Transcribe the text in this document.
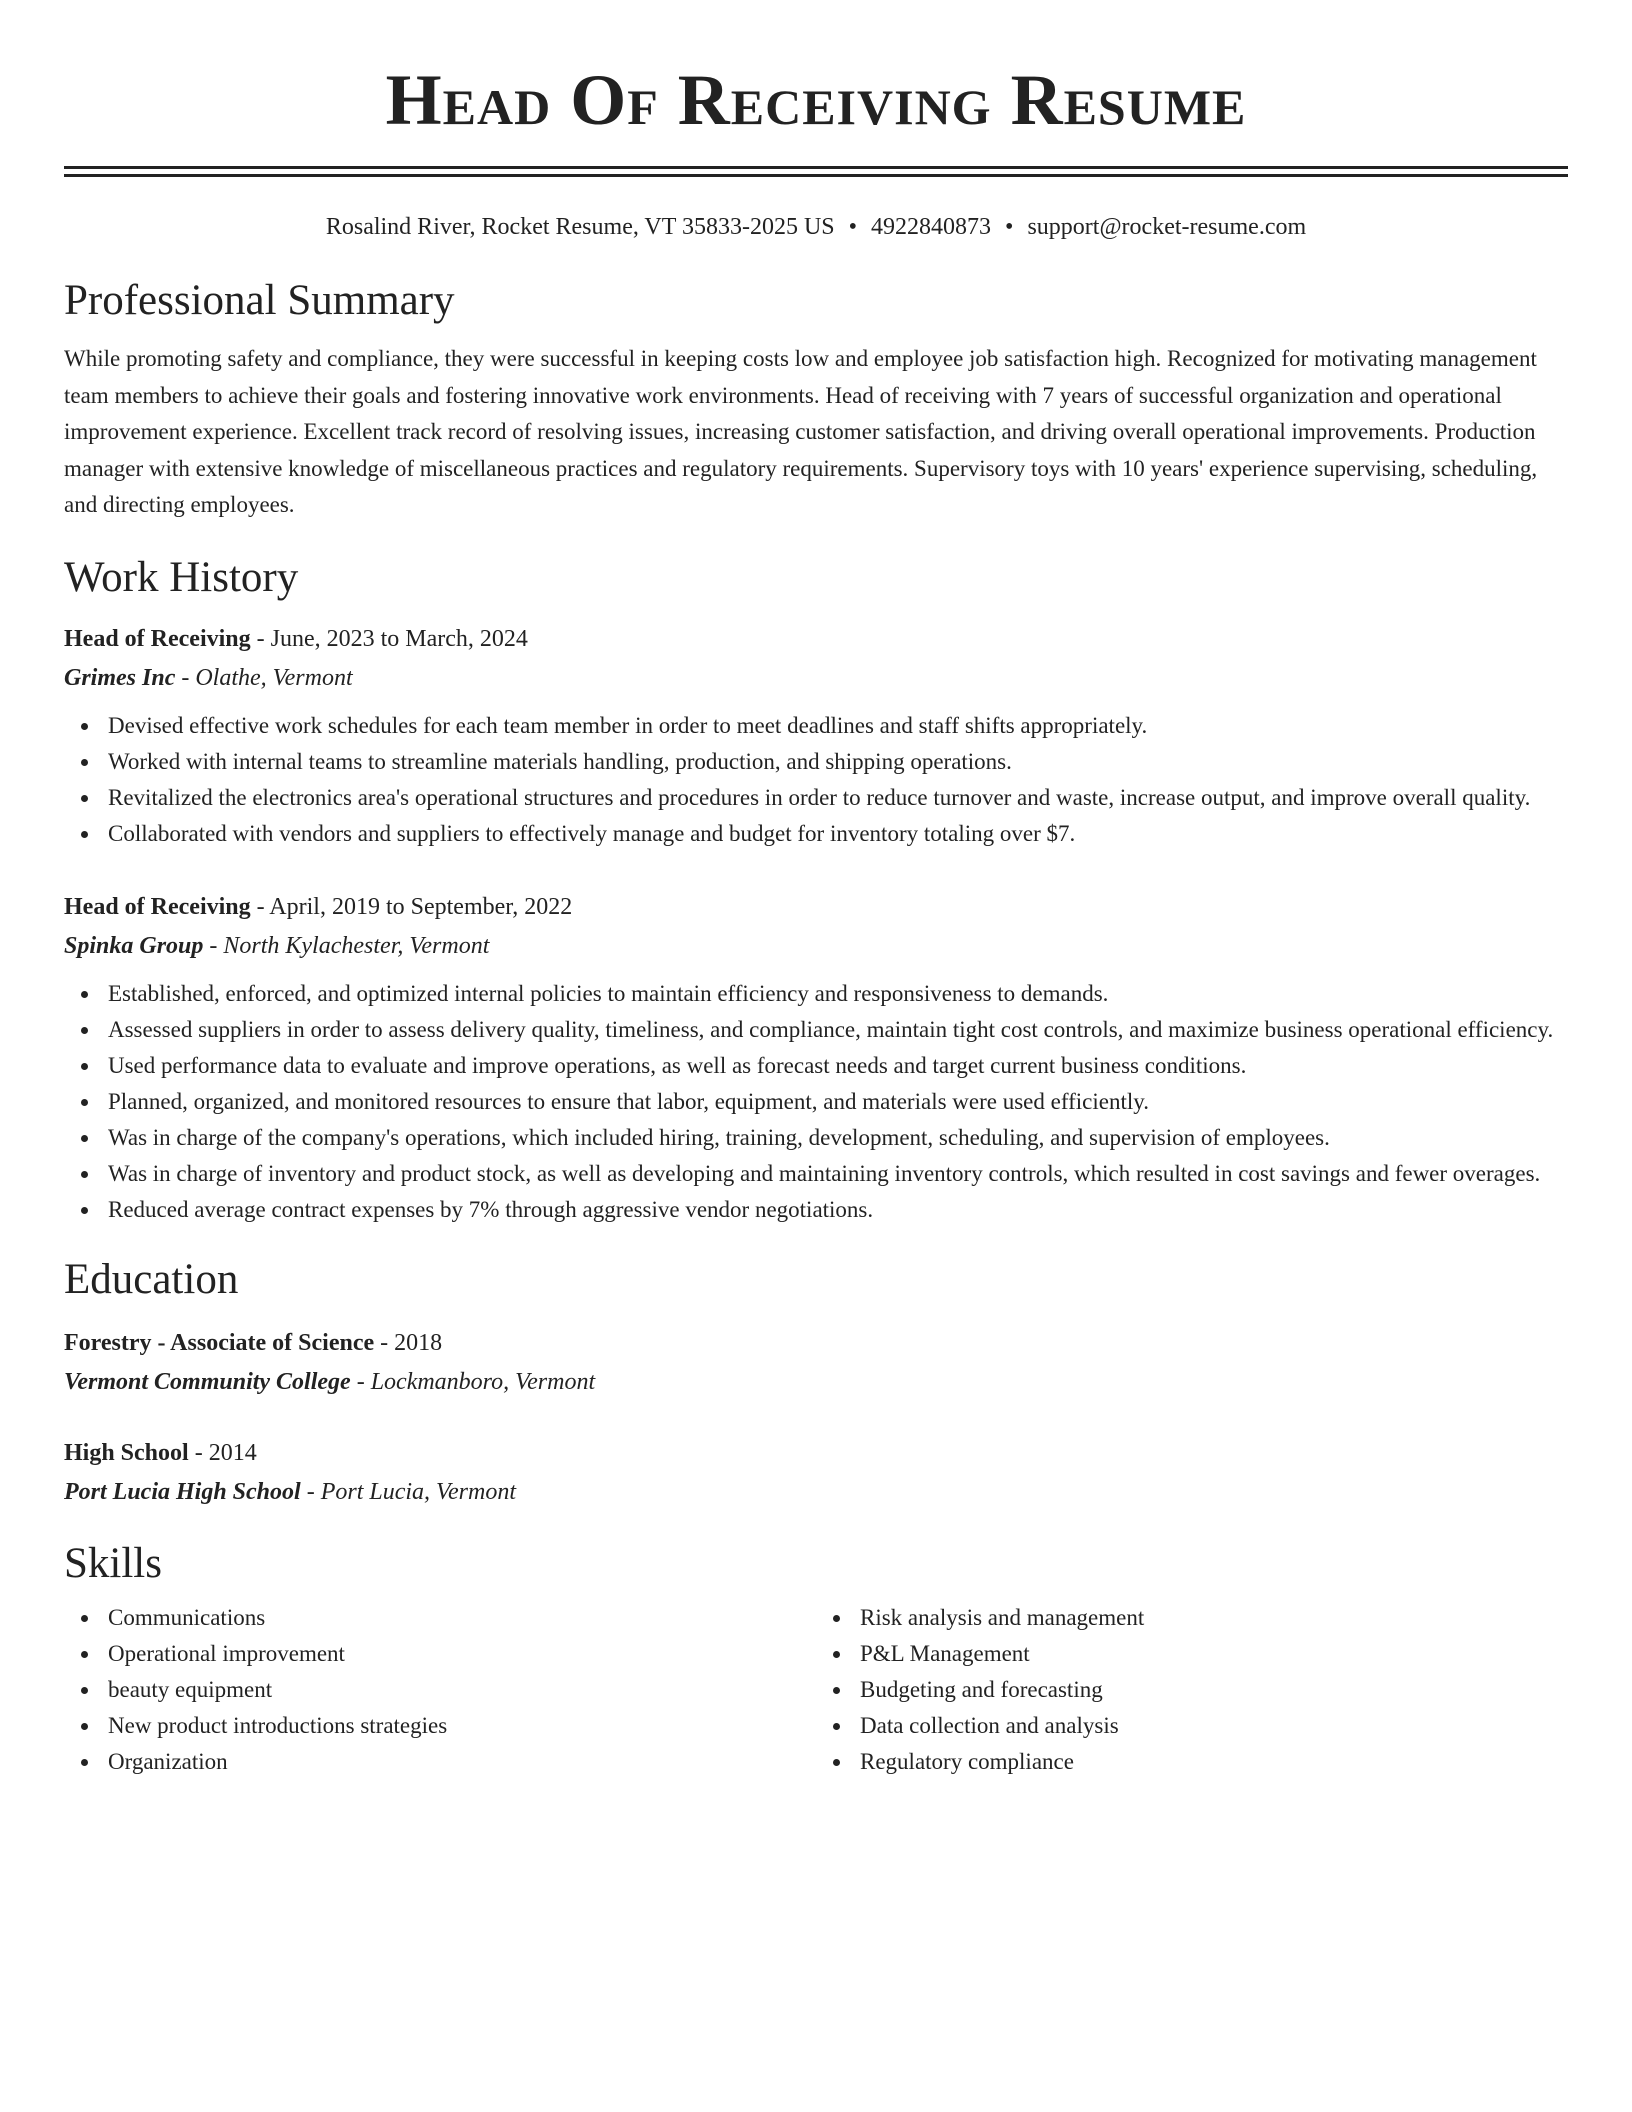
Head Of Receiving Resume
Rosalind River, Rocket Resume, VT 35833-2025 US • 4922840873 • support@rocket-resume.com
Professional Summary

While promoting safety and compliance, they were successful in keeping costs low and employee job satisfaction high. Recognized for motivating management team members to achieve their goals and fostering innovative work environments. Head of receiving with 7 years of successful organization and operational improvement experience. Excellent track record of resolving issues, increasing customer satisfaction, and driving overall operational improvements. Production manager with extensive knowledge of miscellaneous practices and regulatory requirements. Supervisory toys with 10 years' experience supervising, scheduling, and directing employees.

Work History
Head of Receiving - June, 2023 to March, 2024
Grimes Inc - Olathe, Vermont
Devised effective work schedules for each team member in order to meet deadlines and staff shifts appropriately.
Worked with internal teams to streamline materials handling, production, and shipping operations.
Revitalized the electronics area's operational structures and procedures in order to reduce turnover and waste, increase output, and improve overall quality.
Collaborated with vendors and suppliers to effectively manage and budget for inventory totaling over $7.
Head of Receiving - April, 2019 to September, 2022
Spinka Group - North Kylachester, Vermont
Established, enforced, and optimized internal policies to maintain efficiency and responsiveness to demands.
Assessed suppliers in order to assess delivery quality, timeliness, and compliance, maintain tight cost controls, and maximize business operational efficiency.
Used performance data to evaluate and improve operations, as well as forecast needs and target current business conditions.
Planned, organized, and monitored resources to ensure that labor, equipment, and materials were used efficiently.
Was in charge of the company's operations, which included hiring, training, development, scheduling, and supervision of employees.
Was in charge of inventory and product stock, as well as developing and maintaining inventory controls, which resulted in cost savings and fewer overages.
Reduced average contract expenses by 7% through aggressive vendor negotiations.
Education
Forestry - Associate of Science - 2018
Vermont Community College - Lockmanboro, Vermont
High School - 2014
Port Lucia High School - Port Lucia, Vermont
Skills
Communications
Operational improvement
beauty equipment
New product introductions strategies
Organization
Risk analysis and management
P&L Management
Budgeting and forecasting
Data collection and analysis
Regulatory compliance
